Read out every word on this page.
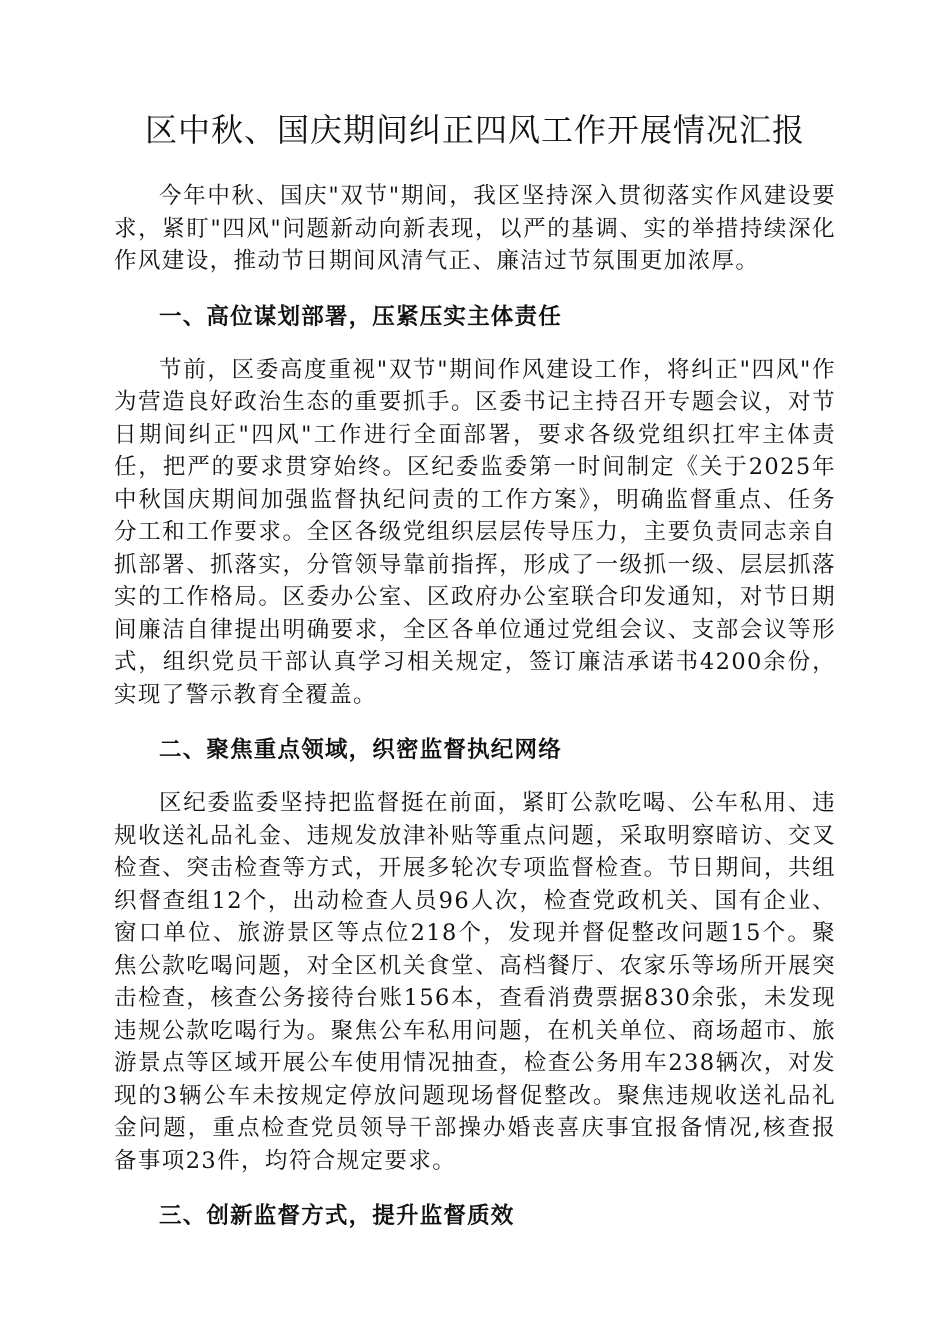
区中秋、国庆期间纠正四风工作开展情况汇报

今年中秋、国庆"双节"期间，我区坚持深入贯彻落实作风建设要求，紧盯"四风"问题新动向新表现，以严的基调、实的举措持续深化作风建设，推动节日期间风清气正、廉洁过节氛围更加浓厚。

一、高位谋划部署，压紧压实主体责任

节前，区委高度重视"双节"期间作风建设工作，将纠正"四风"作为营造良好政治生态的重要抓手。区委书记主持召开专题会议，对节日期间纠正"四风"工作进行全面部署，要求各级党组织扛牢主体责任，把严的要求贯穿始终。区纪委监委第一时间制定《关于2025年中秋国庆期间加强监督执纪问责的工作方案》，明确监督重点、任务分工和工作要求。全区各级党组织层层传导压力，主要负责同志亲自抓部署、抓落实，分管领导靠前指挥，形成了一级抓一级、层层抓落实的工作格局。区委办公室、区政府办公室联合印发通知，对节日期间廉洁自律提出明确要求，全区各单位通过党组会议、支部会议等形式，组织党员干部认真学习相关规定，签订廉洁承诺书4200余份，实现了警示教育全覆盖。

二、聚焦重点领域，织密监督执纪网络

区纪委监委坚持把监督挺在前面，紧盯公款吃喝、公车私用、违规收送礼品礼金、违规发放津补贴等重点问题，采取明察暗访、交叉检查、突击检查等方式，开展多轮次专项监督检查。节日期间，共组织督查组12个，出动检查人员96人次，检查党政机关、国有企业、窗口单位、旅游景区等点位218个，发现并督促整改问题15个。聚焦公款吃喝问题，对全区机关食堂、高档餐厅、农家乐等场所开展突击检查，核查公务接待台账156本，查看消费票据830余张，未发现违规公款吃喝行为。聚焦公车私用问题，在机关单位、商场超市、旅游景点等区域开展公车使用情况抽查，检查公务用车238辆次，对发现的3辆公车未按规定停放问题现场督促整改。聚焦违规收送礼品礼金问题，重点检查党员领导干部操办婚丧喜庆事宜报备情况,核查报备事项23件，均符合规定要求。

三、创新监督方式，提升监督质效
